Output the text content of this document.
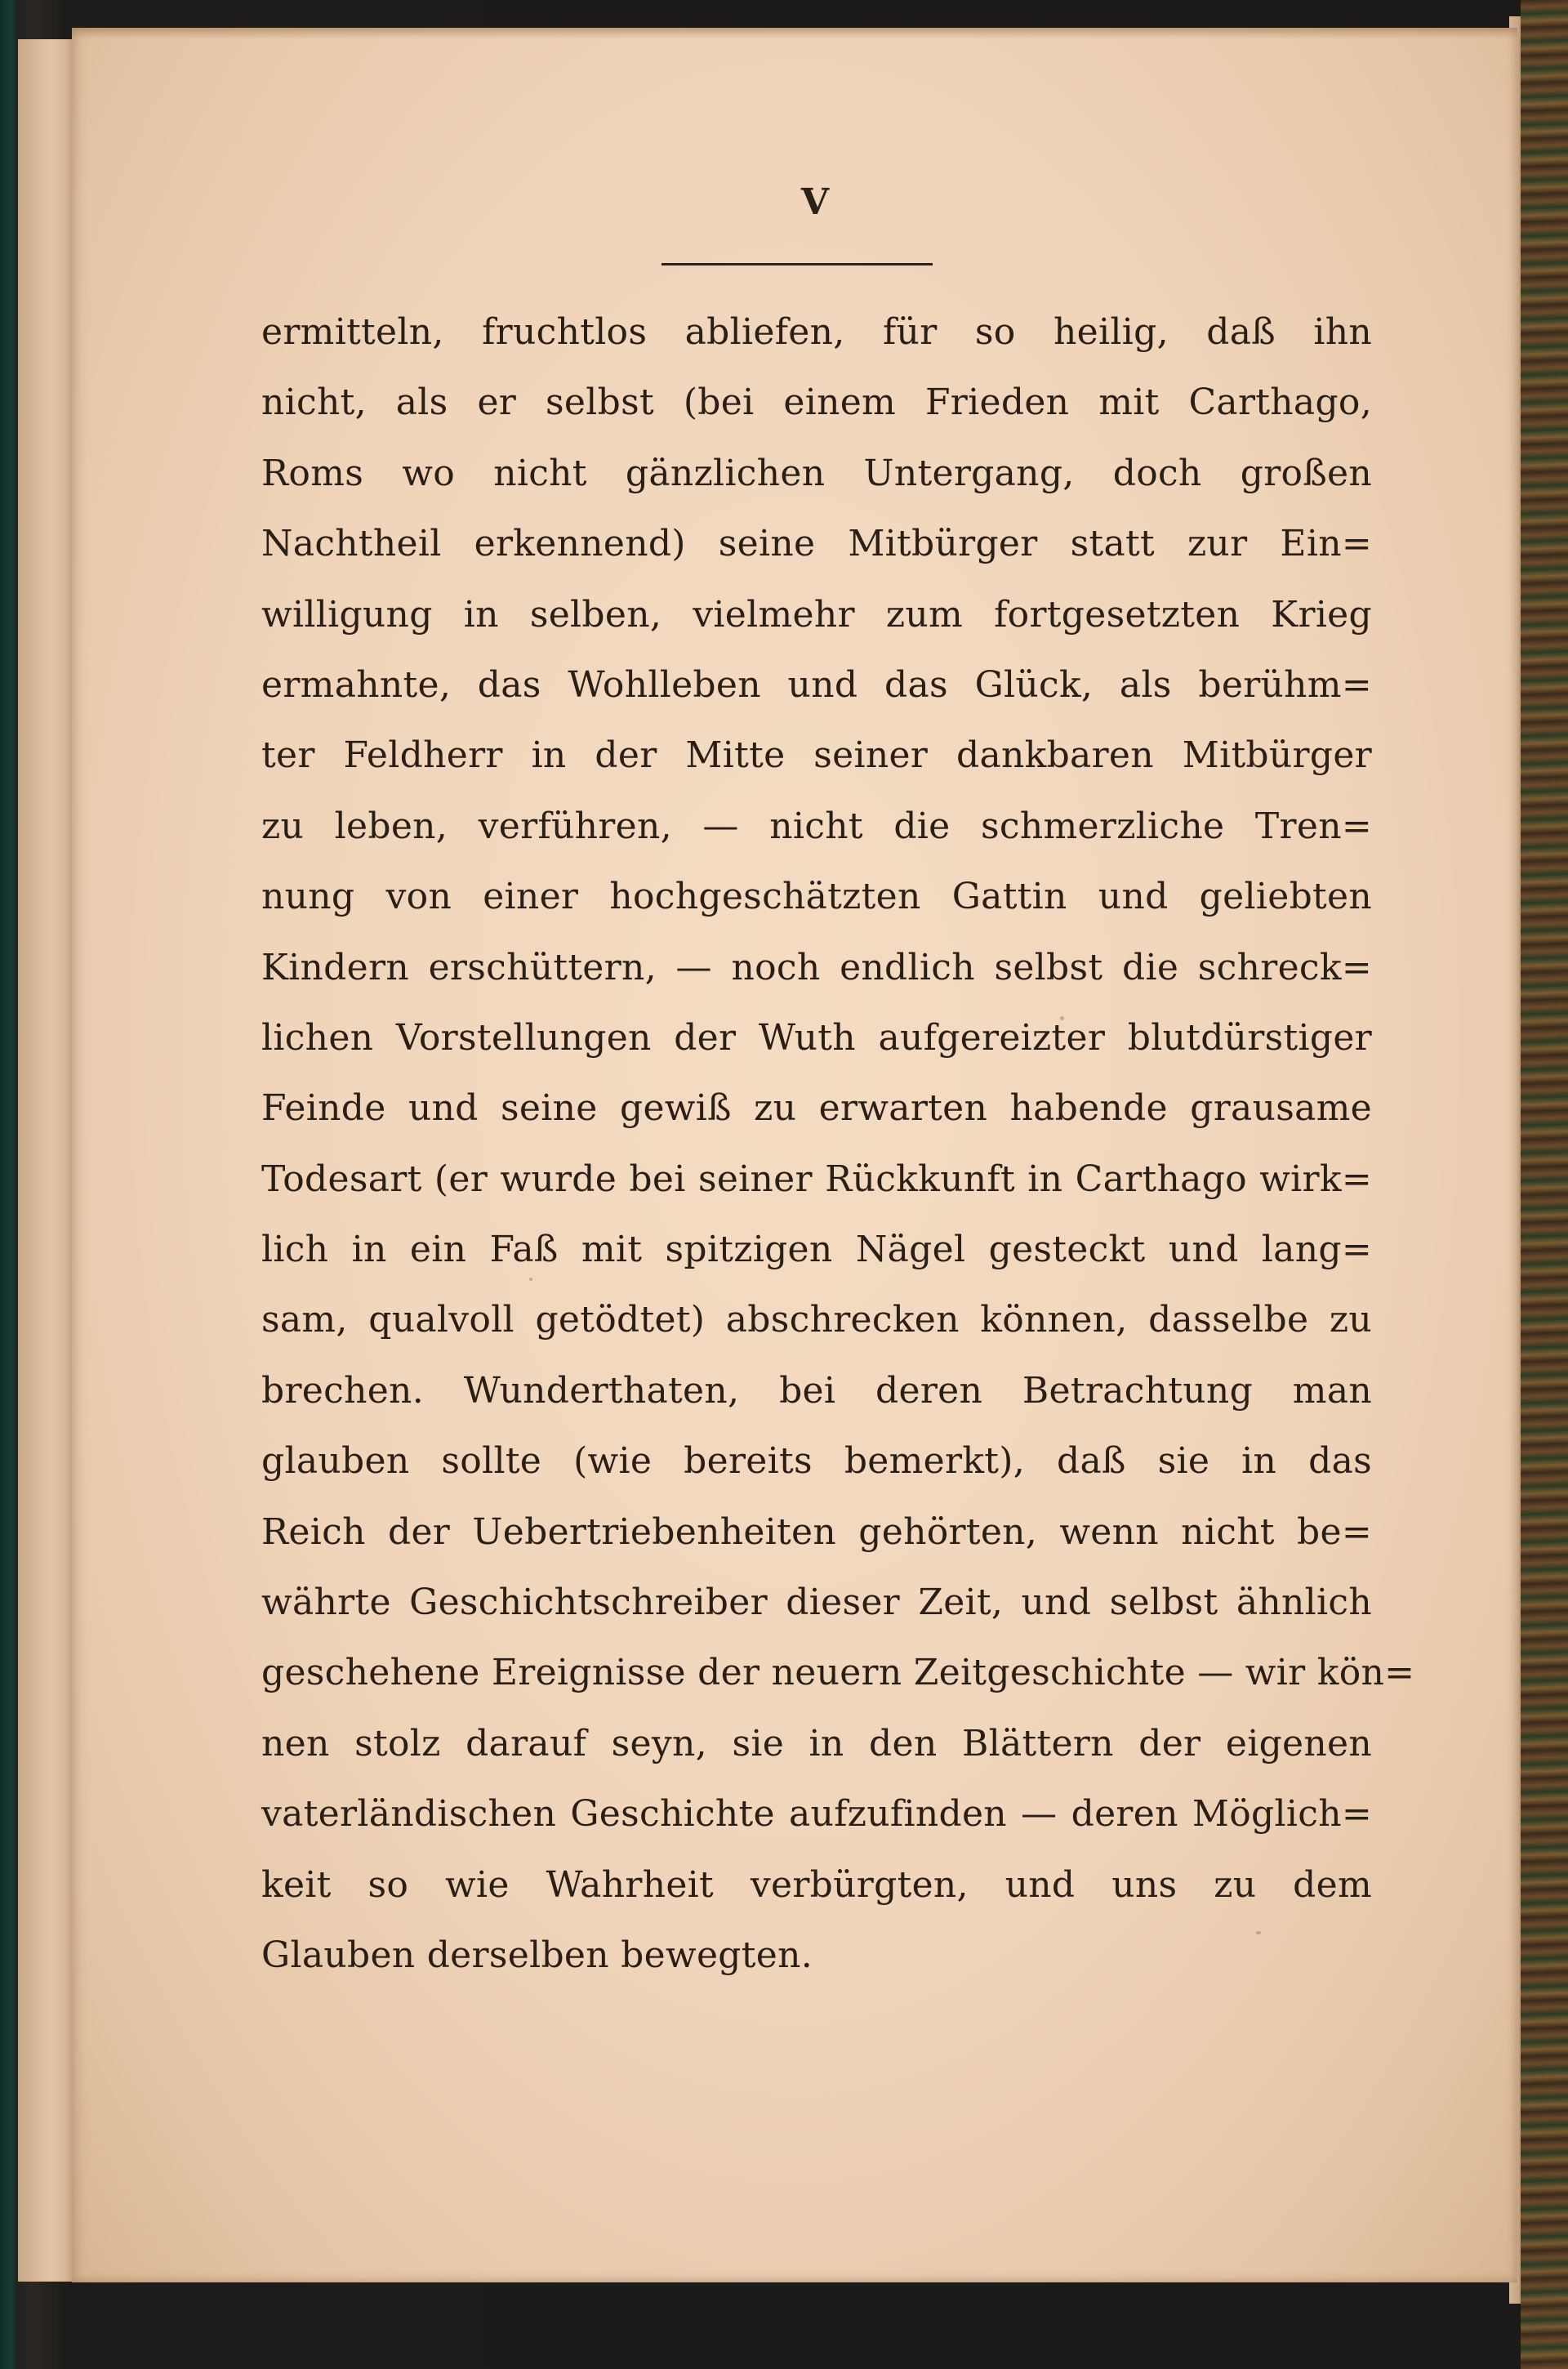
V
ermitteln, fruchtlos abliefen, für so heilig, daß ihn
nicht, als er selbst (bei einem Frieden mit Carthago,
Roms wo nicht gänzlichen Untergang, doch großen
Nachtheil erkennend) seine Mitbürger statt zur Ein=
willigung in selben, vielmehr zum fortgesetzten Krieg
ermahnte, das Wohlleben und das Glück, als berühm=
ter Feldherr in der Mitte seiner dankbaren Mitbürger
zu leben, verführen, — nicht die schmerzliche Tren=
nung von einer hochgeschätzten Gattin und geliebten
Kindern erschüttern, — noch endlich selbst die schreck=
lichen Vorstellungen der Wuth aufgereizter blutdürstiger
Feinde und seine gewiß zu erwarten habende grausame
Todesart (er wurde bei seiner Rückkunft in Carthago wirk=
lich in ein Faß mit spitzigen Nägel gesteckt und lang=
sam, qualvoll getödtet) abschrecken können, dasselbe zu
brechen. Wunderthaten, bei deren Betrachtung man
glauben sollte (wie bereits bemerkt), daß sie in das
Reich der Uebertriebenheiten gehörten, wenn nicht be=
währte Geschichtschreiber dieser Zeit, und selbst ähnlich
geschehene Ereignisse der neuern Zeitgeschichte — wir kön=
nen stolz darauf seyn, sie in den Blättern der eigenen
vaterländischen Geschichte aufzufinden — deren Möglich=
keit so wie Wahrheit verbürgten, und uns zu dem
Glauben derselben bewegten.
